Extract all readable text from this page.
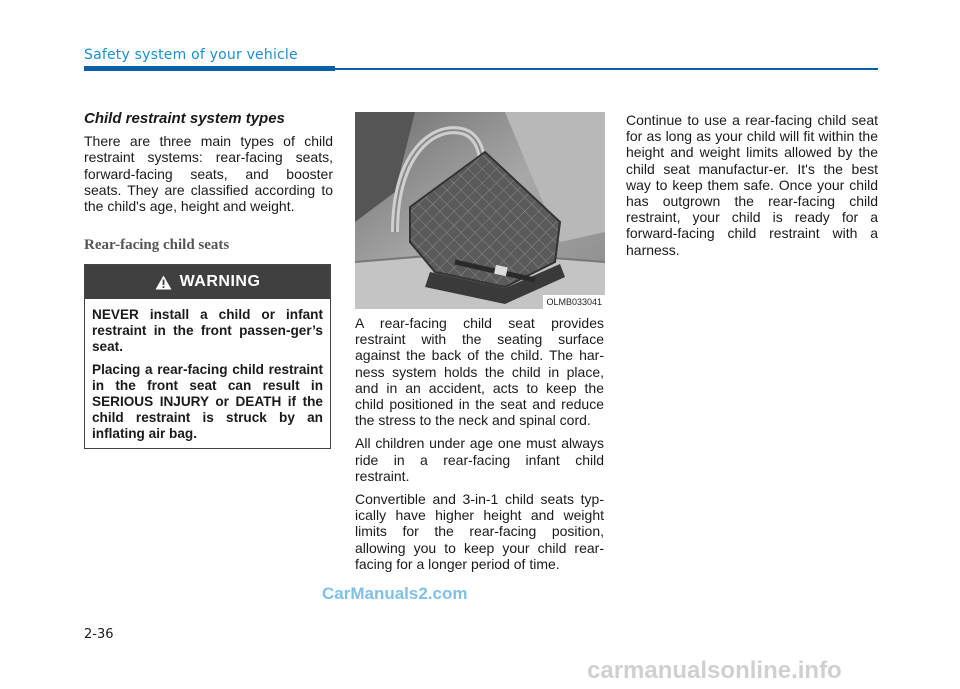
Safety system of your vehicle
Child restraint system types

There are three main types of child restraint systems: rear-facing seats, forward-facing seats, and booster seats. They are classified according to the child's age, height and weight.

Rear-facing child seats
WARNING

NEVER install a child or infant restraint in the front passen-ger’s seat.

Placing a rear-facing child restraint in the front seat can result in SERIOUS INJURY or DEATH if the child restraint is struck by an inflating air bag.

OLMB033041

A rear-facing child seat provides restraint with the seating surface against the back of the child. The har-ness system holds the child in place, and in an accident, acts to keep the child positioned in the seat and reduce the stress to the neck and spinal cord.

All children under age one must always ride in a rear-facing infant child restraint.

Convertible and 3-in-1 child seats typ-ically have higher height and weight limits for the rear-facing position, allowing you to keep your child rear-facing for a longer period of time.

Continue to use a rear-facing child seat for as long as your child will fit within the height and weight limits allowed by the child seat manufactur-er. It's the best way to keep them safe. Once your child has outgrown the rear-facing child restraint, your child is ready for a forward-facing child restraint with a harness.

2-36
CarManuals2.com
carmanualsonline.info
